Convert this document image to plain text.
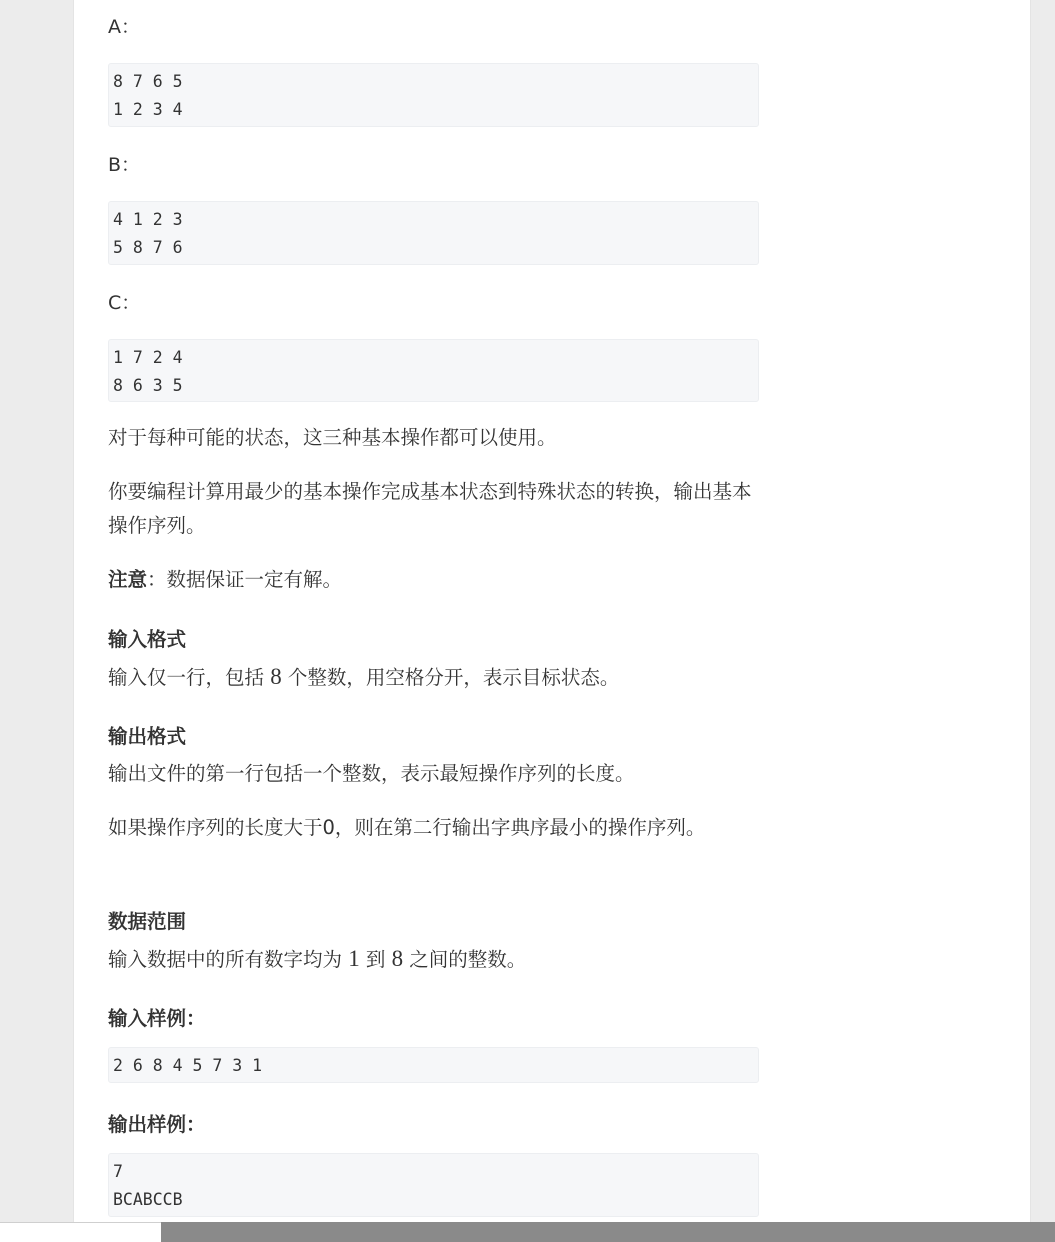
A：

8 7 6 5
1 2 3 4

B：

4 1 2 3
5 8 7 6

C：

1 7 2 4
8 6 3 5

对于每种可能的状态，这三种基本操作都可以使用。

你要编程计算用最少的基本操作完成基本状态到特殊状态的转换，输出基本操作序列。

注意：数据保证一定有解。

输入格式

输入仅一行，包括 8 个整数，用空格分开，表示目标状态。

输出格式

输出文件的第一行包括一个整数，表示最短操作序列的长度。

如果操作序列的长度大于0，则在第二行输出字典序最小的操作序列。

数据范围

输入数据中的所有数字均为 1 到 8 之间的整数。

输入样例：

2 6 8 4 5 7 3 1

输出样例：

7
BCABCCB
